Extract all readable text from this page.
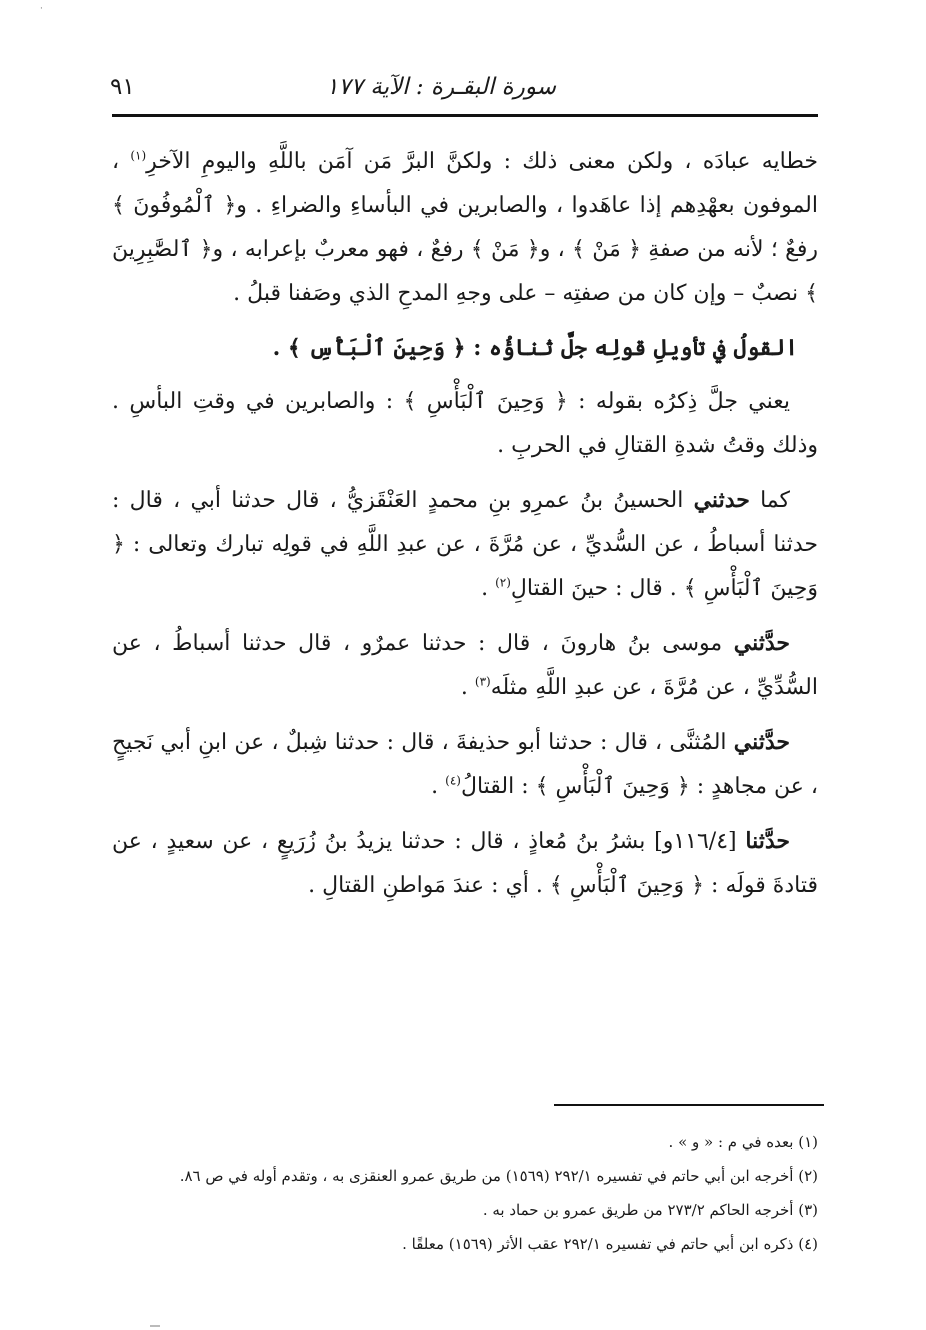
·
سورة البقـرة : الآية ١٧٧
٩١

خطايه عبادَه ، ولكن معنى ذلك : ولكنَّ البرَّ مَن آمَن باللَّهِ واليومِ الآخرِ$^{(١)}$ ، الموفون بعهْدِهم إذا عاهَدوا ، والصابرين في البأساءِ والضراءِ . و﴿ ٱلْمُوفُونَ ﴾ رفعٌ ؛ لأنه من صفةِ ﴿ مَنْ ﴾ ، و﴿ مَنْ ﴾ رفعٌ ، فهو معربٌ بإعرابه ، و﴿ ٱلصَّٰبِرِينَ ﴾ نصبٌ – وإن كان من صفتِه – على وجهِ المدحِ الذي وصَفنا قبلُ .

القولُ في تأويلِ قولِه جلَّ ثناؤُه : ﴿ وَحِينَ ٱلْبَأْسِ ﴾ .

يعني جلَّ ذِكرُه بقوله : ﴿ وَحِينَ ٱلْبَأْسِ ﴾ : والصابرين في وقتِ البأسِ . وذلك وقتُ شدةِ القتالِ في الحربِ .

كما حدثني الحسينُ بنُ عمرِو بنِ محمدٍ العَنْقَزيُّ ، قال حدثنا أبي ، قال : حدثنا أسباطُ ، عن السُّديِّ ، عن مُرَّةَ ، عن عبدِ اللَّهِ في قولِه تبارك وتعالى : ﴿ وَحِينَ ٱلْبَأْسِ ﴾ . قال : حينَ القتالِ$^{(٢)}$ .

حدَّثني موسى بنُ هارونَ ، قال : حدثنا عمرٌو ، قال حدثنا أسباطُ ، عن السُّدِّيِّ ، عن مُرَّةَ ، عن عبدِ اللَّهِ مثلَه$^{(٣)}$ .

حدَّثني المُثنَّى ، قال : حدثنا أبو حذيفةَ ، قال : حدثنا شِبلٌ ، عن ابنِ أبي نَجيحٍ ، عن مجاهدٍ : ﴿ وَحِينَ ٱلْبَأْسِ ﴾ : القتالُ$^{(٤)}$ .

حدَّثنا [١١٦/٤و] بشرُ بنُ مُعاذٍ ، قال : حدثنا يزيدُ بنُ زُرَيعٍ ، عن سعيدٍ ، عن قتادةَ قولَه : ﴿ وَحِينَ ٱلْبَأْسِ ﴾ . أي : عندَ مَواطنِ القتالِ .

(١) بعده في م : « و » .
(٢) أخرجه ابن أبي حاتم في تفسيره ٢٩٢/١ (١٥٦٩) من طريق عمرو العنقزى به ، وتقدم أوله في ص ٨٦.
(٣) أخرجه الحاكم ٢٧٣/٢ من طريق عمرو بن حماد به .
(٤) ذكره ابن أبي حاتم في تفسيره ٢٩٢/١ عقب الأثر (١٥٦٩) معلقًا .
